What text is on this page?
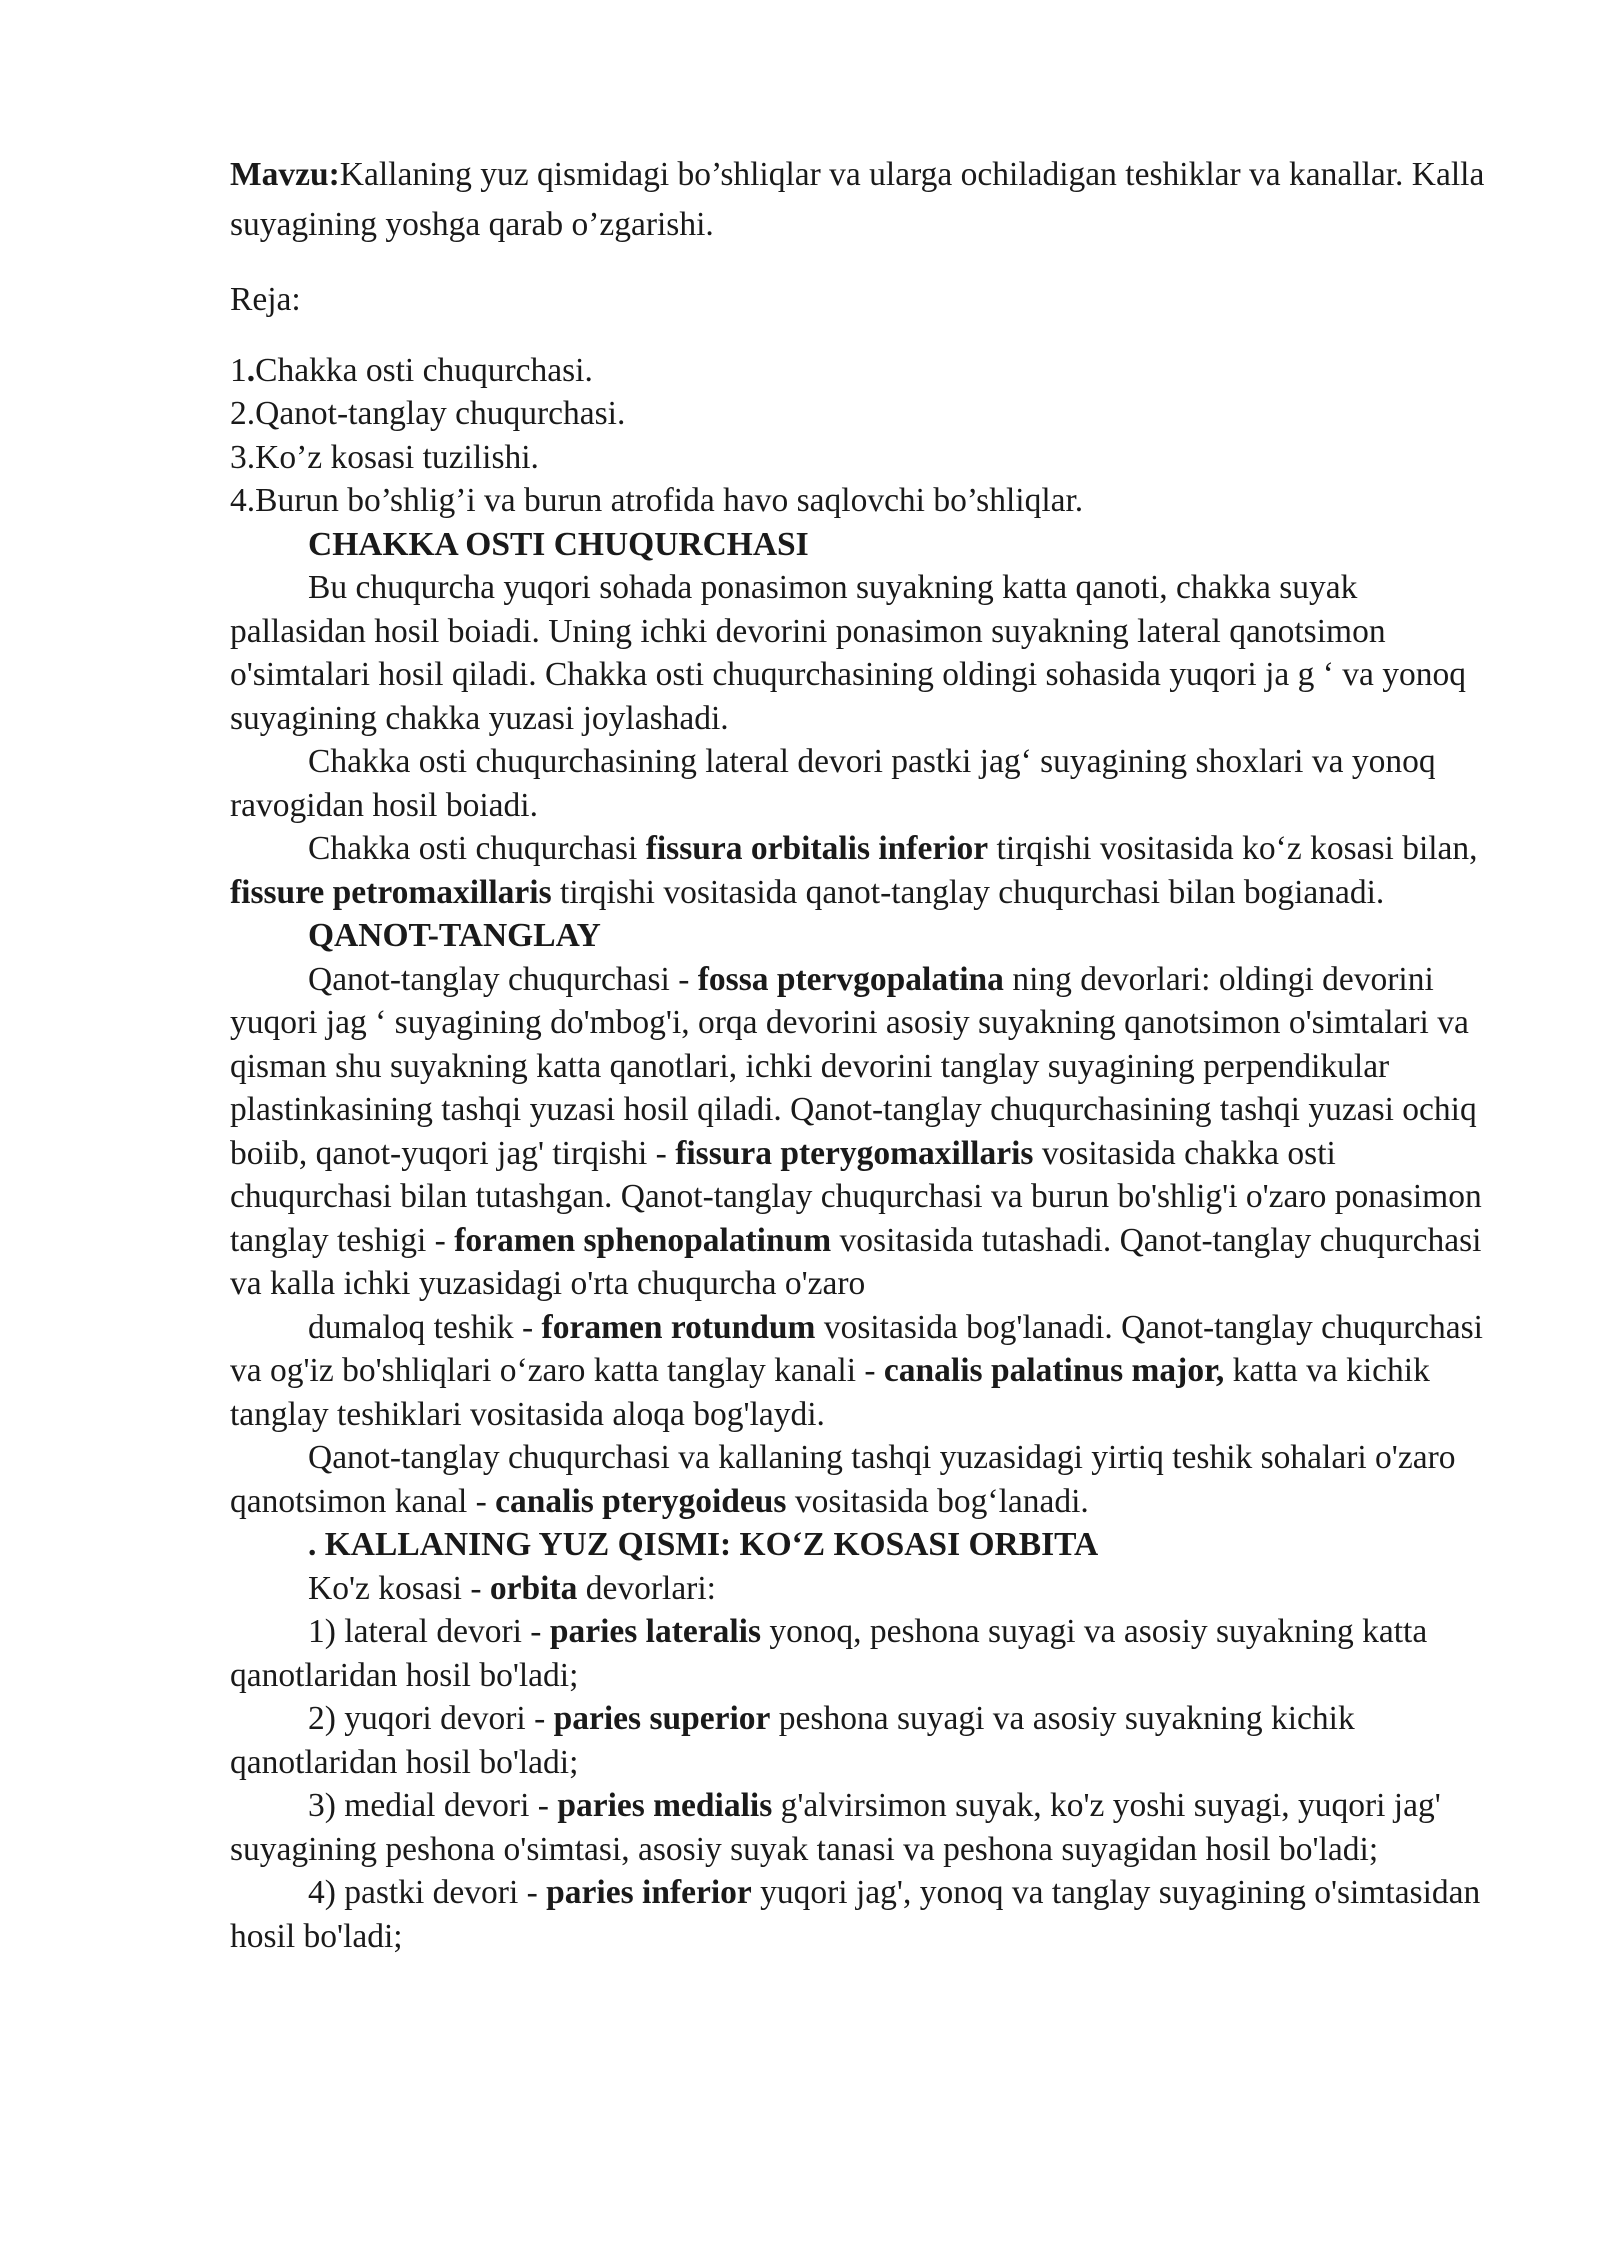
Mavzu:Kallaning yuz qismidagi bo’shliqlar va ularga ochiladigan teshiklar va kanallar. Kalla suyagining yoshga qarab o’zgarishi.

Reja:

1.Chakka osti chuqurchasi.
2.Qanot-tanglay chuqurchasi.
3.Ko’z kosasi tuzilishi.
4.Burun bo’shlig’i va burun atrofida havo saqlovchi bo’shliqlar.

CHAKKA OSTI CHUQURCHASI

Bu chuqurcha yuqori sohada ponasimon suyakning katta qanoti, chakka suyak pallasidan hosil boiadi. Uning ichki devorini ponasimon suyakning lateral qanotsimon o'simtalari hosil qiladi. Chakka osti chuqurchasining oldingi sohasida yuqori ja g ‘ va yonoq suyagining chakka yuzasi joylashadi.

Chakka osti chuqurchasining lateral devori pastki jag‘ suyagining shoxlari va yonoq ravogidan hosil boiadi.

Chakka osti chuqurchasi fissura orbitalis inferior tirqishi vositasida ko‘z kosasi bilan, fissure petromaxillaris tirqishi vositasida qanot-tanglay chuqurchasi bilan bogianadi.

QANOT-TANGLAY

Qanot-tanglay chuqurchasi - fossa ptervgopalatina ning devorlari: oldingi devorini yuqori jag ‘ suyagining do'mbog'i, orqa devorini asosiy suyakning qanotsimon o'simtalari va qisman shu suyakning katta qanotlari, ichki devorini tanglay suyagining perpendikular plastinkasining tashqi yuzasi hosil qiladi. Qanot-tanglay chuqurchasining tashqi yuzasi ochiq boiib, qanot-yuqori jag' tirqishi - fissura pterygomaxillaris vositasida chakka osti chuqurchasi bilan tutashgan. Qanot-tanglay chuqurchasi va burun bo'shlig'i o'zaro ponasimon tanglay teshigi - foramen sphenopalatinum vositasida tutashadi. Qanot-tanglay chuqurchasi va kalla ichki yuzasidagi o'rta chuqurcha o'zaro

dumaloq teshik - foramen rotundum vositasida bog'lanadi. Qanot-tanglay chuqurchasi va og'iz bo'shliqlari o‘zaro katta tanglay kanali - canalis palatinus major, katta va kichik tanglay teshiklari vositasida aloqa bog'laydi.

Qanot-tanglay chuqurchasi va kallaning tashqi yuzasidagi yirtiq teshik sohalari o'zaro qanotsimon kanal - canalis pterygoideus vositasida bog‘lanadi.

. KALLANING YUZ QISMI: KO‘Z KOSASI ORBITA

Ko'z kosasi - orbita devorlari:

1) lateral devori - paries lateralis yonoq, peshona suyagi va asosiy suyakning katta qanotlaridan hosil bo'ladi;

2) yuqori devori - paries superior peshona suyagi va asosiy suyakning kichik qanotlaridan hosil bo'ladi;

3) medial devori - paries medialis g'alvirsimon suyak, ko'z yoshi suyagi, yuqori jag' suyagining peshona o'simtasi, asosiy suyak tanasi va peshona suyagidan hosil bo'ladi;

4) pastki devori - paries inferior yuqori jag', yonoq va tanglay suyagining o'simtasidan hosil bo'ladi;
